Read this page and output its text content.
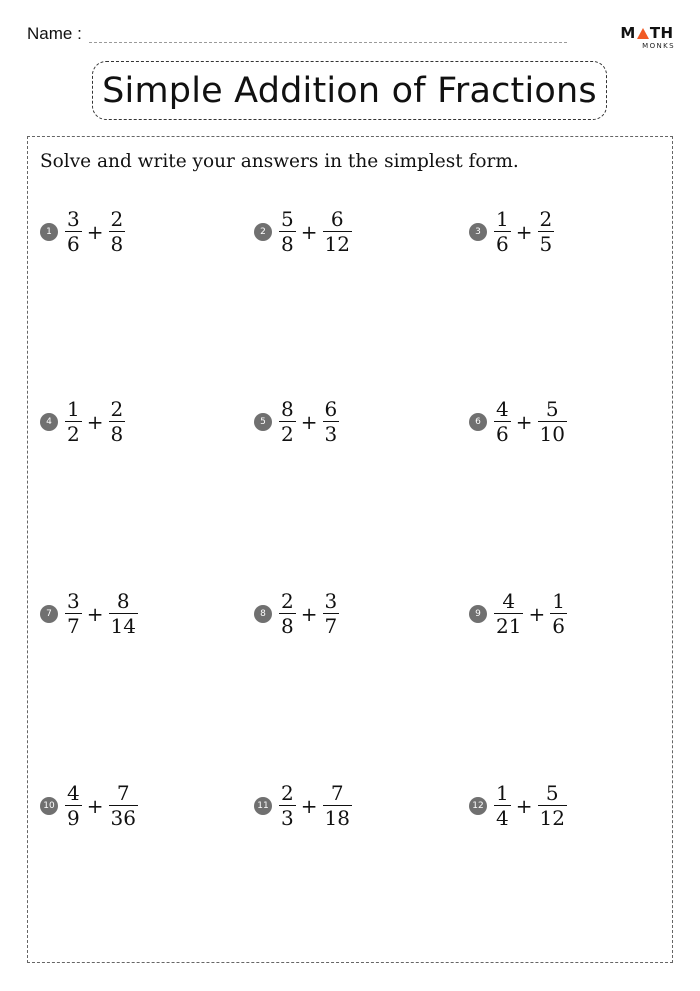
Name :	M TH
MONKS
Simple Addition of Fractions
Solve and write your answers in the simplest form.
$1 \frac{3}{6} + \frac{2}{8}$	$2 \frac{5}{8} + \frac{6}{12}$	$3 \frac{1}{6} + \frac{2}{5}$
$4 \frac{1}{2} + \frac{2}{8}$	$5 \frac{8}{2} + \frac{6}{3}$	$6 \frac{4}{6} + \frac{5}{10}$
$7 \frac{3}{7} + \frac{8}{14}$	$8 \frac{2}{8} + \frac{3}{7}$	$9 \frac{4}{21} + \frac{1}{6}$
$10 \frac{4}{9} + \frac{7}{36}$	$11 \frac{2}{3} + \frac{7}{18}$	$12 \frac{1}{4} + \frac{5}{12}$
